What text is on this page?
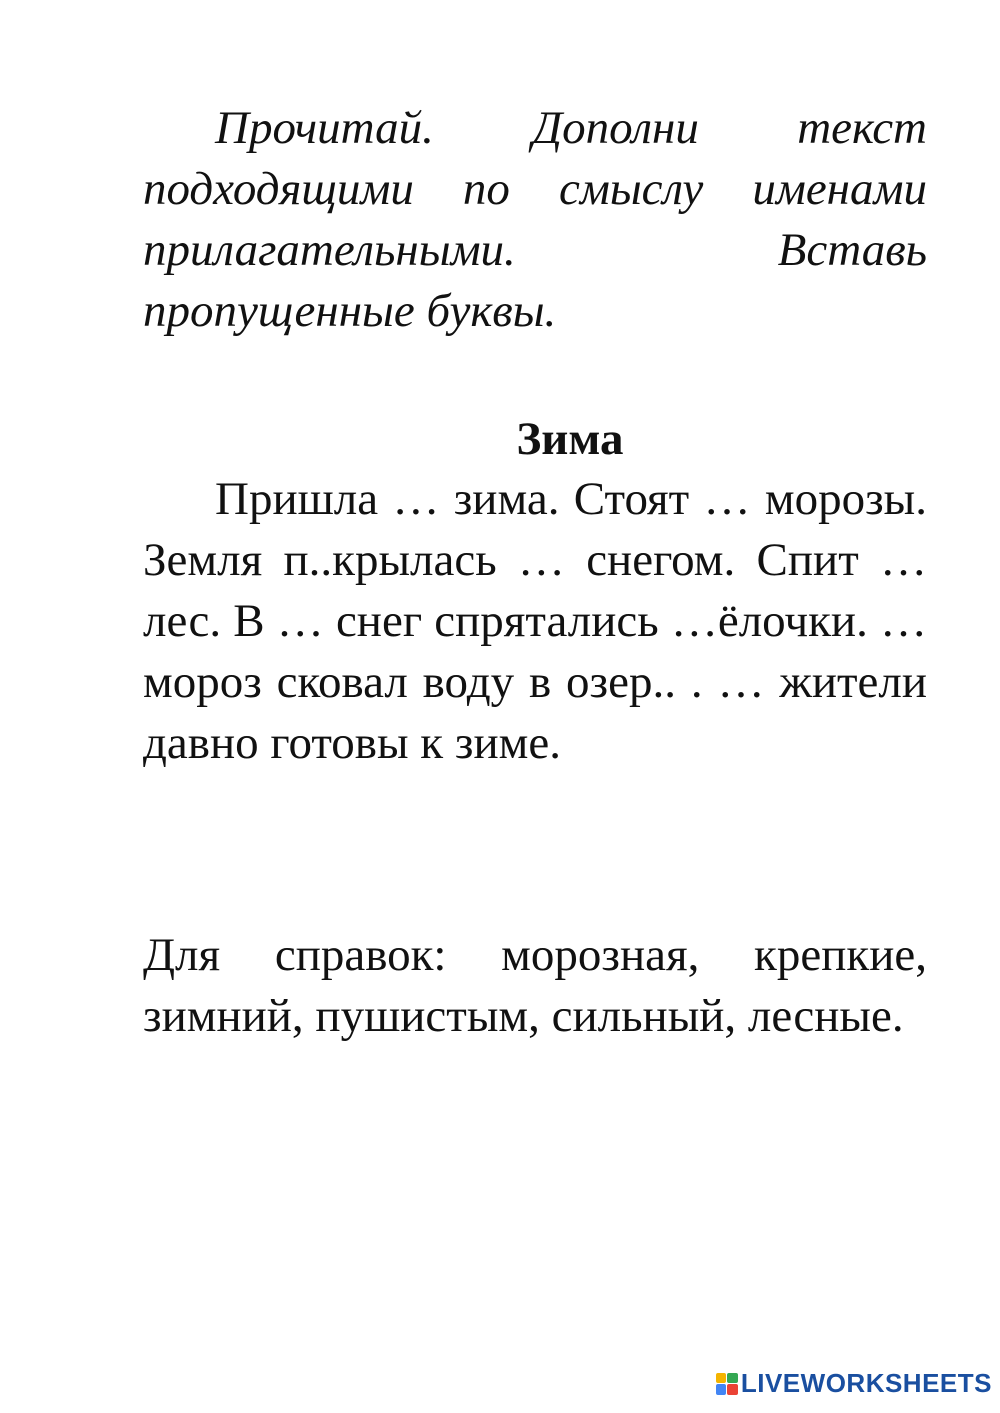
Прочитай. Дополни текст подходящими по смыслу именами прилагательными. Вставь пропущенные буквы.

Зима

Пришла … зима. Стоят … морозы. Земля п..крылась … снегом. Спит … лес. В … снег спрятались …ёлочки. … мороз сковал воду в озер.. . … жители давно готовы к зиме.

Для справок: морозная, крепкие, зимний, пушистым, сильный, лесные.

LIVEWORKSHEETS
